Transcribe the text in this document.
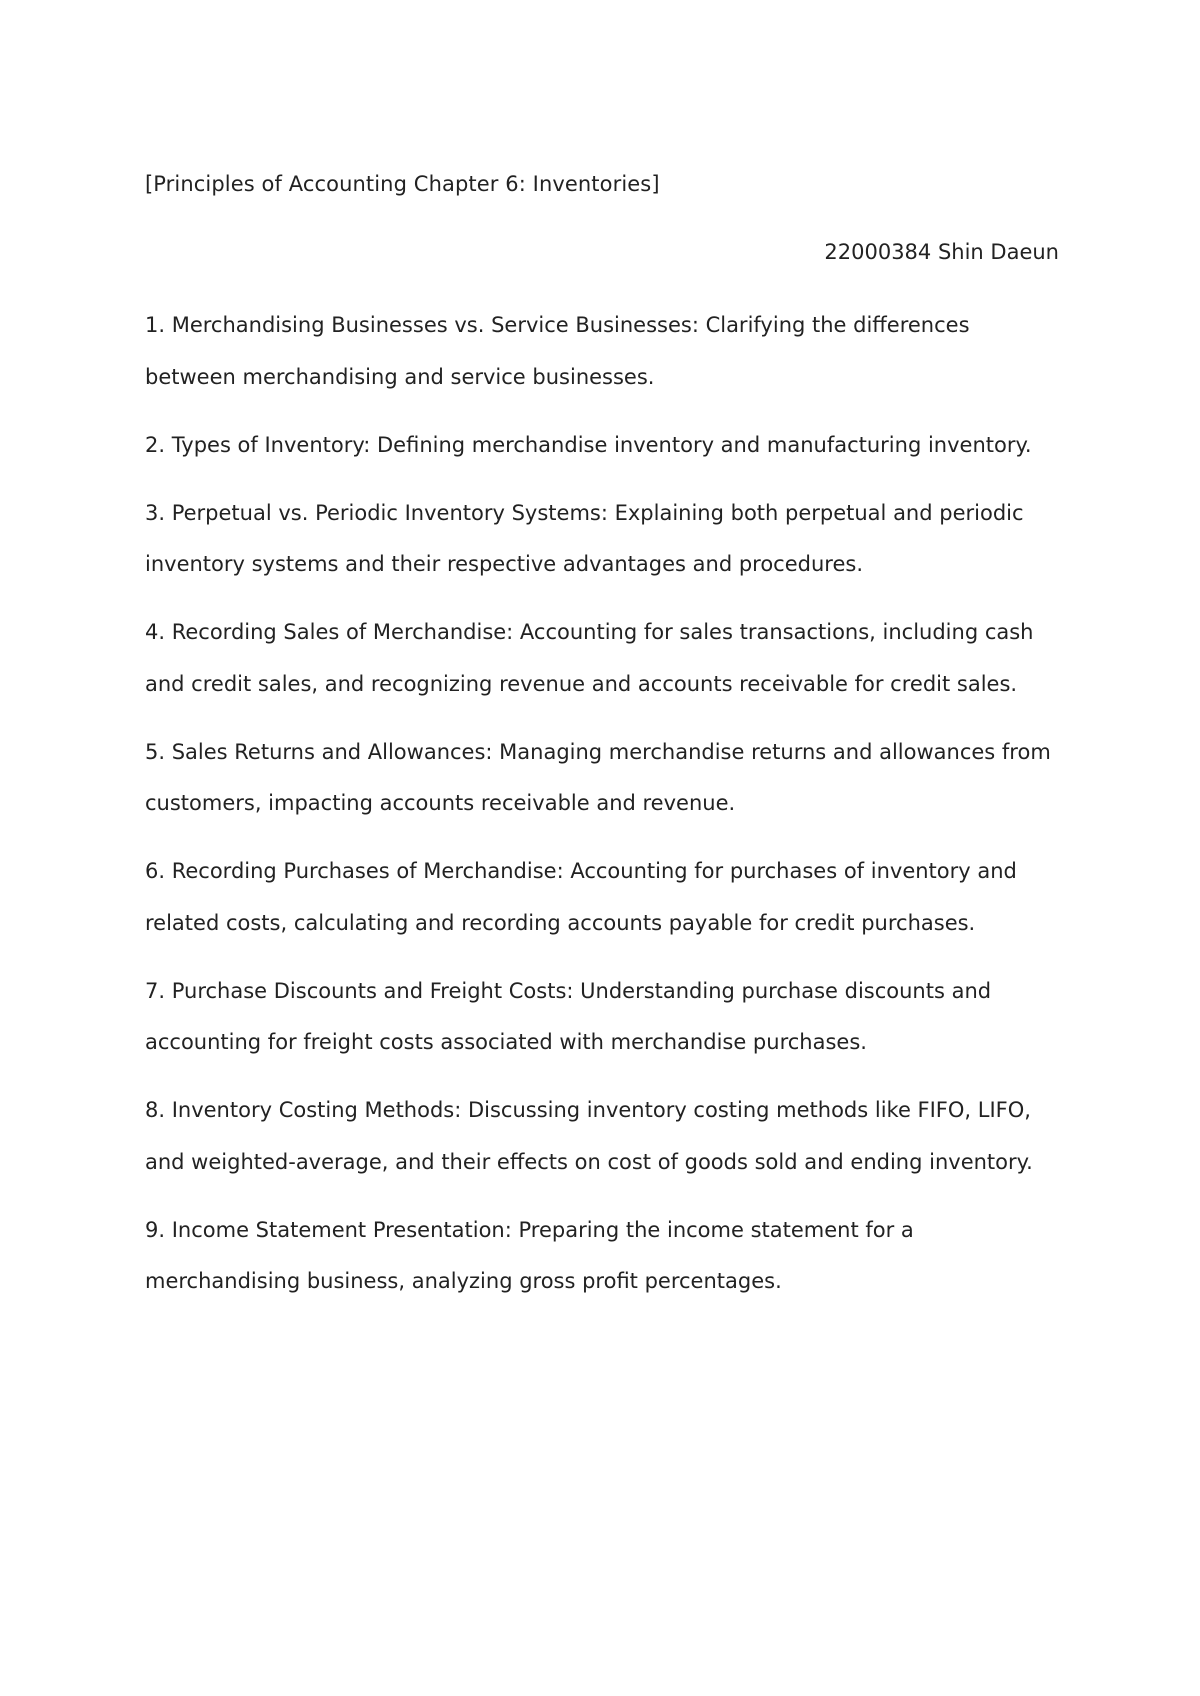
[Principles of Accounting Chapter 6: Inventories]
22000384 Shin Daeun
1. Merchandising Businesses vs. Service Businesses: Clarifying the differences between merchandising and service businesses.
2. Types of Inventory: Defining merchandise inventory and manufacturing inventory.
3. Perpetual vs. Periodic Inventory Systems: Explaining both perpetual and periodic inventory systems and their respective advantages and procedures.
4. Recording Sales of Merchandise: Accounting for sales transactions, including cash and credit sales, and recognizing revenue and accounts receivable for credit sales.
5. Sales Returns and Allowances: Managing merchandise returns and allowances from customers, impacting accounts receivable and revenue.
6. Recording Purchases of Merchandise: Accounting for purchases of inventory and related costs, calculating and recording accounts payable for credit purchases.
7. Purchase Discounts and Freight Costs: Understanding purchase discounts and accounting for freight costs associated with merchandise purchases.
8. Inventory Costing Methods: Discussing inventory costing methods like FIFO, LIFO, and weighted-average, and their effects on cost of goods sold and ending inventory.
9. Income Statement Presentation: Preparing the income statement for a merchandising business, analyzing gross profit percentages.
